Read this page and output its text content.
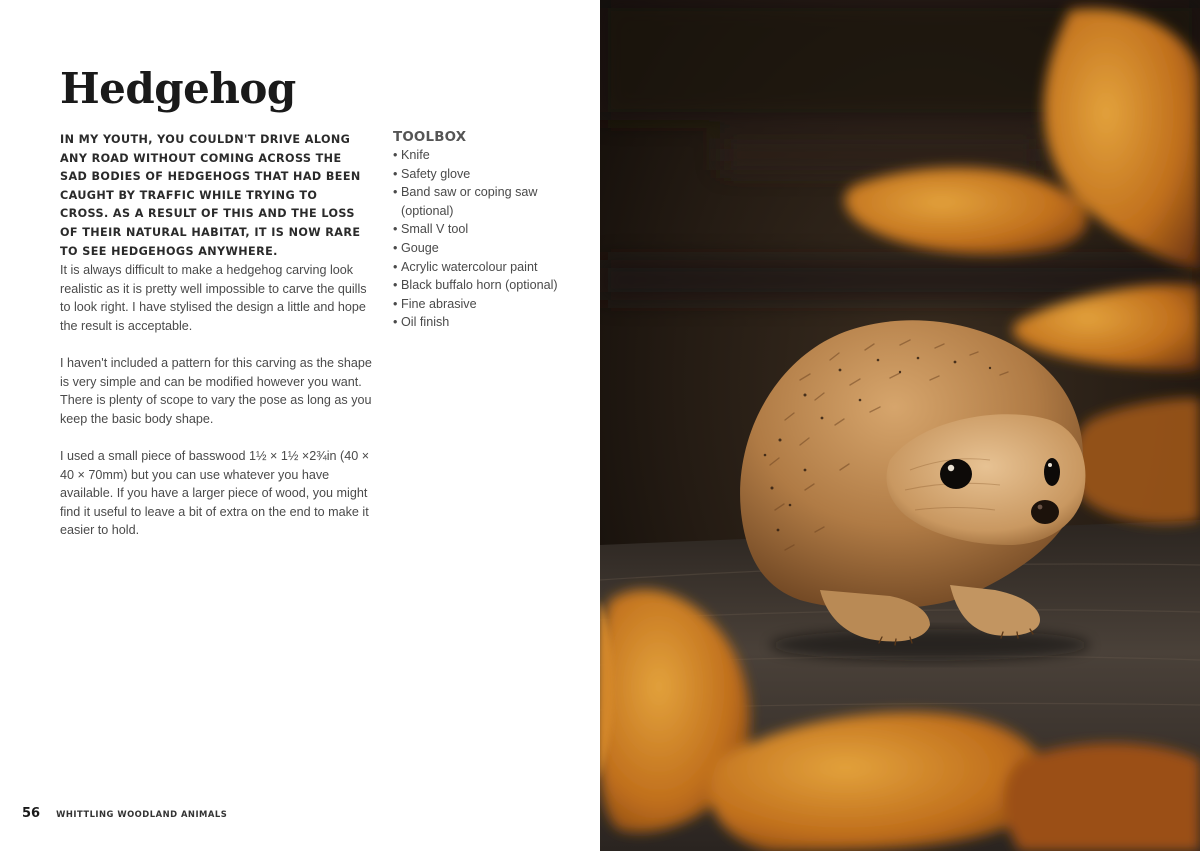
Hedgehog

IN MY YOUTH, YOU COULDN'T DRIVE ALONG ANY ROAD WITHOUT COMING ACROSS THE SAD BODIES OF HEDGEHOGS THAT HAD BEEN CAUGHT BY TRAFFIC WHILE TRYING TO CROSS. AS A RESULT OF THIS AND THE LOSS OF THEIR NATURAL HABITAT, IT IS NOW RARE TO SEE HEDGEHOGS ANYWHERE.

It is always difficult to make a hedgehog carving look realistic as it is pretty well impossible to carve the quills to look right. I have stylised the design a little and hope the result is acceptable.

I haven't included a pattern for this carving as the shape is very simple and can be modified however you want. There is plenty of scope to vary the pose as long as you keep the basic body shape.

I used a small piece of basswood 1½ × 1½ ×2¾in (40 × 40 × 70mm) but you can use whatever you have available. If you have a larger piece of wood, you might find it useful to leave a bit of extra on the end to make it easier to hold.

TOOLBOX
• Knife
• Safety glove
• Band saw or coping saw (optional)
• Small V tool
• Gouge
• Acrylic watercolour paint
• Black buffalo horn (optional)
• Fine abrasive
• Oil finish
56 WHITTLING WOODLAND ANIMALS
